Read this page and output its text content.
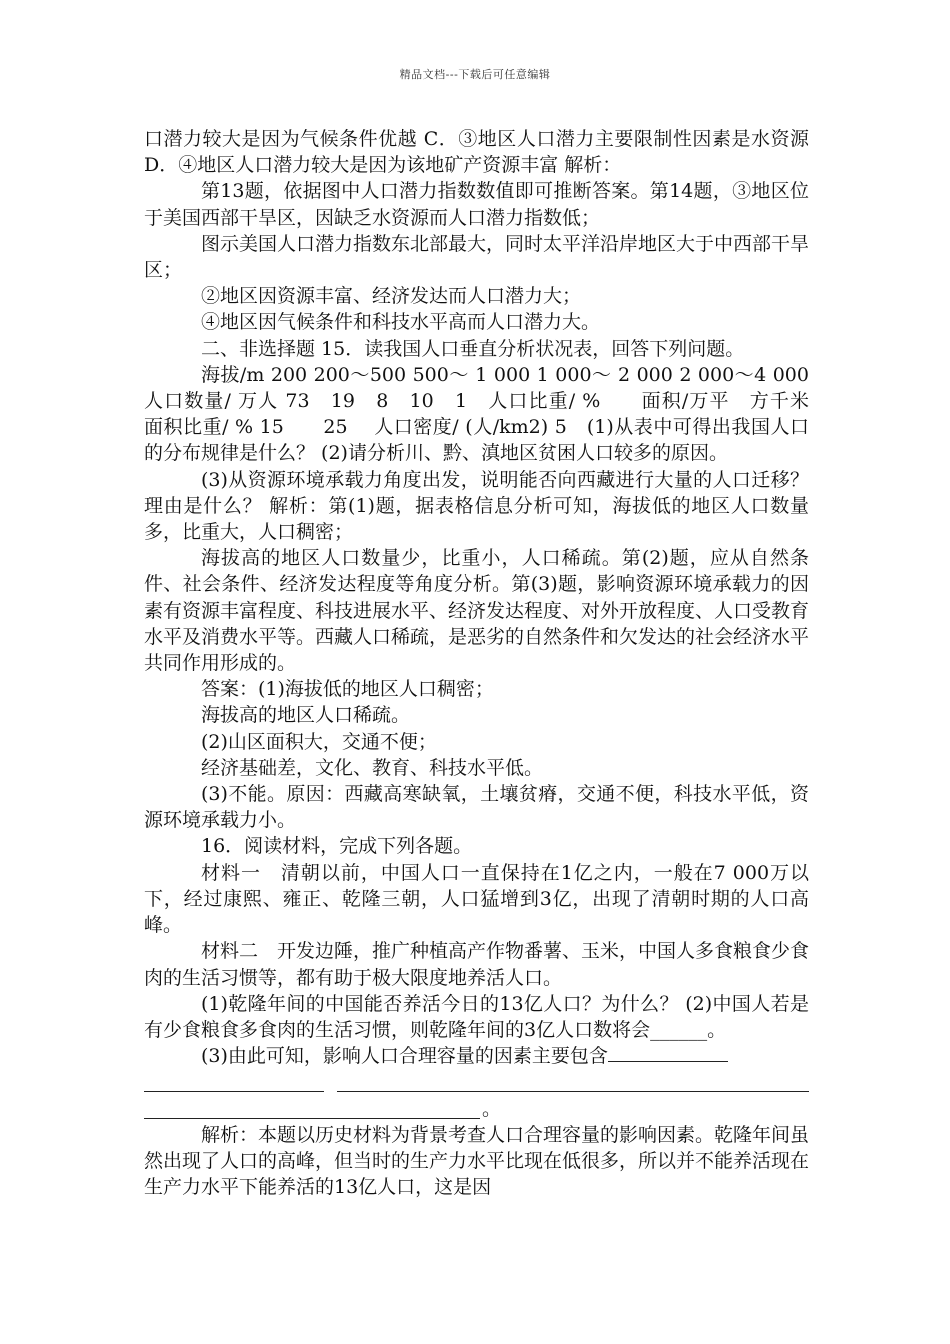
精品文档---下载后可任意编辑

口潜力较大是因为气候条件优越 C．③地区人口潜力主要限制性因素是水资源 D．④地区人口潜力较大是因为该地矿产资源丰富 解析：

第13题，依据图中人口潜力指数数值即可推断答案。第14题，③地区位于美国西部干旱区，因缺乏水资源而人口潜力指数低；

图示美国人口潜力指数东北部最大，同时太平洋沿岸地区大于中西部干旱区；

②地区因资源丰富、经济发达而人口潜力大；

④地区因气候条件和科技水平高而人口潜力大。

二、非选择题 15．读我国人口垂直分析状况表，回答下列问题。

海拔/m 200 200～500 500～ 1 000 1 000～ 2 000 2 000～4 000 人口数量/ 万人 73　19　8　10　1　人口比重/ %　　面积/万平　方千米　　　面积比重/ % 15　　25　 人口密度/ (人/km2) 5　(1)从表中可得出我国人口的分布规律是什么？ (2)请分析川、黔、滇地区贫困人口较多的原因。

(3)从资源环境承载力角度出发，说明能否向西藏进行大量的人口迁移？理由是什么？ 解析：第(1)题，据表格信息分析可知，海拔低的地区人口数量多，比重大，人口稠密；

海拔高的地区人口数量少，比重小，人口稀疏。第(2)题，应从自然条件、社会条件、经济发达程度等角度分析。第(3)题，影响资源环境承载力的因素有资源丰富程度、科技进展水平、经济发达程度、对外开放程度、人口受教育水平及消费水平等。西藏人口稀疏，是恶劣的自然条件和欠发达的社会经济水平共同作用形成的。

答案：(1)海拔低的地区人口稠密；

海拔高的地区人口稀疏。

(2)山区面积大，交通不便；

经济基础差，文化、教育、科技水平低。

(3)不能。原因：西藏高寒缺氧，土壤贫瘠，交通不便，科技水平低，资源环境承载力小。

16．阅读材料，完成下列各题。

材料一　清朝以前，中国人口一直保持在1亿之内，一般在7 000万以下，经过康熙、雍正、乾隆三朝，人口猛增到3亿，出现了清朝时期的人口高峰。

材料二　开发边陲，推广种植高产作物番薯、玉米，中国人多食粮食少食肉的生活习惯等，都有助于极大限度地养活人口。

(1)乾隆年间的中国能否养活今日的13亿人口？为什么？ (2)中国人若是有少食粮食多食肉的生活习惯，则乾隆年间的3亿人口数将会______。

(3)由此可知，影响人口合理容量的因素主要包含

。

解析：本题以历史材料为背景考查人口合理容量的影响因素。乾隆年间虽然出现了人口的高峰，但当时的生产力水平比现在低很多，所以并不能养活现在生产力水平下能养活的13亿人口，这是因
